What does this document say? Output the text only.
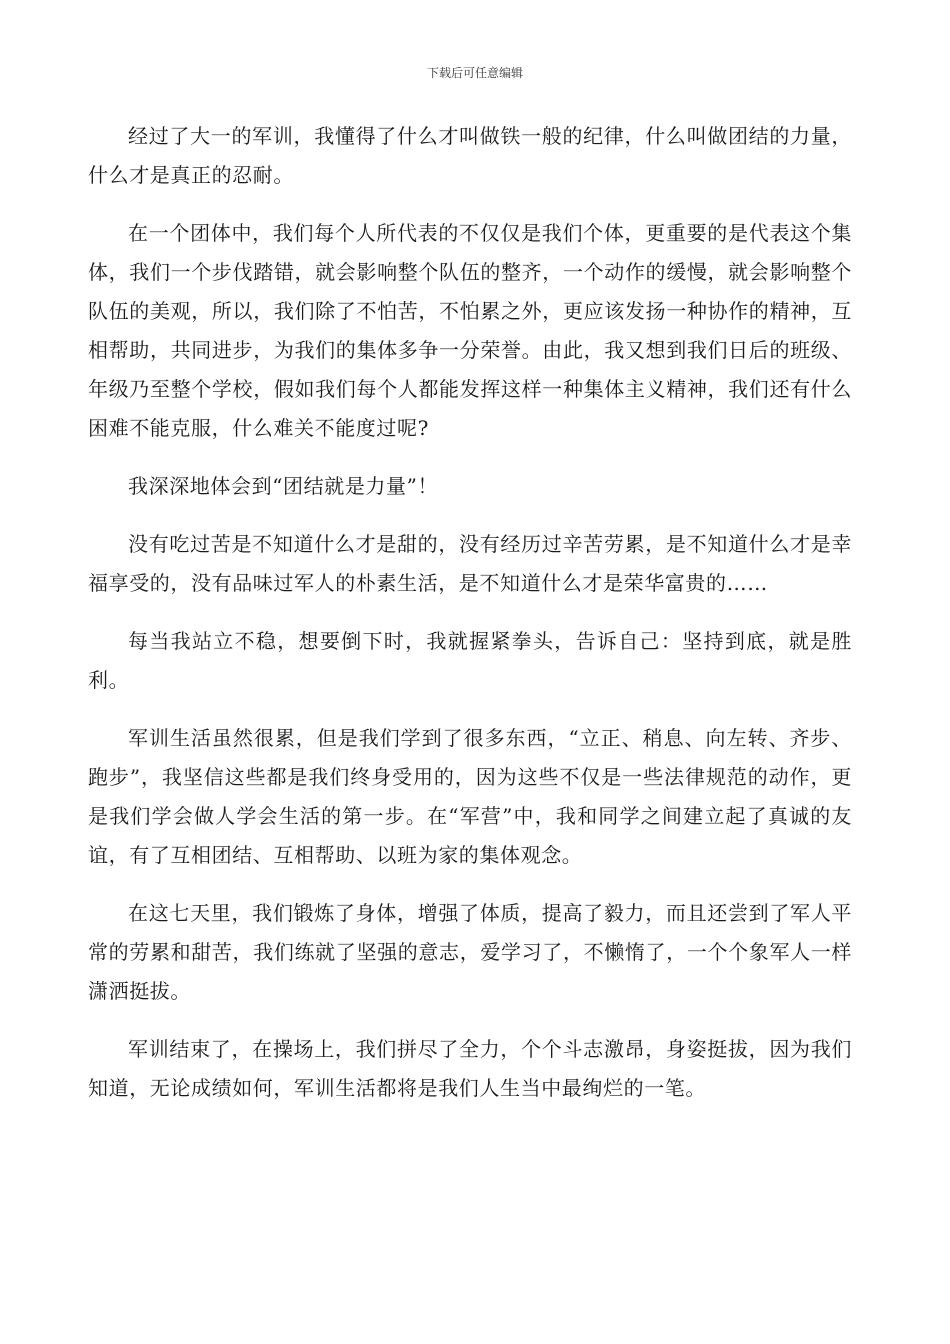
下载后可任意编辑

经过了大一的军训，我懂得了什么才叫做铁一般的纪律，什么叫做团结的力量，什么才是真正的忍耐。

在一个团体中，我们每个人所代表的不仅仅是我们个体，更重要的是代表这个集体，我们一个步伐踏错，就会影响整个队伍的整齐，一个动作的缓慢，就会影响整个队伍的美观，所以，我们除了不怕苦，不怕累之外，更应该发扬一种协作的精神，互相帮助，共同进步，为我们的集体多争一分荣誉。由此，我又想到我们日后的班级、年级乃至整个学校，假如我们每个人都能发挥这样一种集体主义精神，我们还有什么困难不能克服，什么难关不能度过呢?

我深深地体会到“团结就是力量”！

没有吃过苦是不知道什么才是甜的，没有经历过辛苦劳累，是不知道什么才是幸福享受的，没有品味过军人的朴素生活，是不知道什么才是荣华富贵的……

每当我站立不稳，想要倒下时，我就握紧拳头，告诉自己：坚持到底，就是胜利。

军训生活虽然很累，但是我们学到了很多东西，“立正、稍息、向左转、齐步、跑步”，我坚信这些都是我们终身受用的，因为这些不仅是一些法律规范的动作，更是我们学会做人学会生活的第一步。在“军营”中，我和同学之间建立起了真诚的友谊，有了互相团结、互相帮助、以班为家的集体观念。

在这七天里，我们锻炼了身体，增强了体质，提高了毅力，而且还尝到了军人平常的劳累和甜苦，我们练就了坚强的意志，爱学习了，不懒惰了，一个个象军人一样潇洒挺拔。

军训结束了，在操场上，我们拼尽了全力，个个斗志激昂，身姿挺拔，因为我们知道，无论成绩如何，军训生活都将是我们人生当中最绚烂的一笔。
